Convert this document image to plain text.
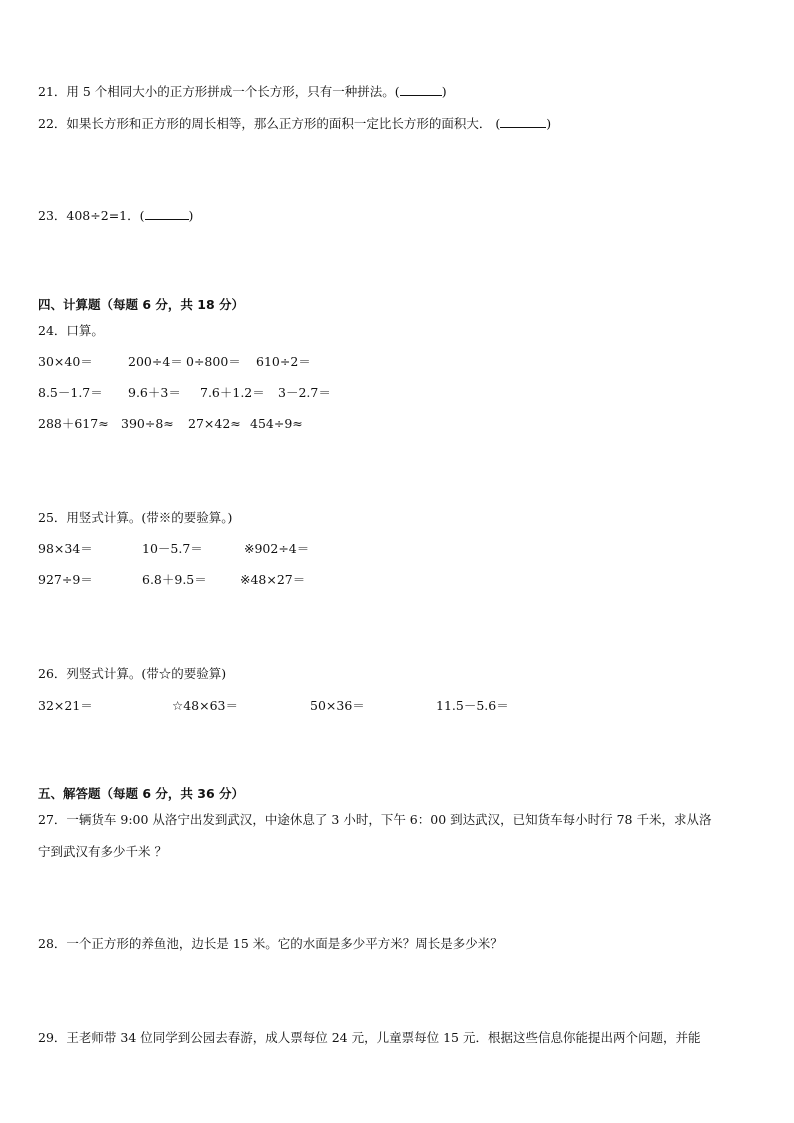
21．用 5 个相同大小的正方形拼成一个长方形，只有一种拼法。(	)
22．如果长方形和正方形的周长相等，那么正方形的面积一定比长方形的面积大． (	)
23．408÷2=1．(	)
四、计算题（每题 6 分，共 18 分）
24．口算。
30×40＝	200÷4＝ 0÷800＝ 610÷2＝
8.5－1.7＝ 9.6＋3＝ 7.6＋1.2＝ 3－2.7＝
288＋617≈ 390÷8≈ 27×42≈ 454÷9≈
25．用竖式计算。(带※的要验算。)
98×34＝	10－5.7＝	※902÷4＝
927÷9＝	6.8＋9.5＝	※48×27＝
26．列竖式计算。(带☆的要验算)
32×21＝	☆48×63＝	50×36＝	11.5－5.6＝
五、解答题（每题 6 分，共 36 分）
27．一辆货车 9:00 从洛宁出发到武汉，中途休息了 3 小时，下午 6：00 到达武汉，已知货车每小时行 78 千米，求从洛
宁到武汉有多少千米 ？
28．一个正方形的养鱼池，边长是 15 米。它的水面是多少平方米？周长是多少米？
29．王老师带 34 位同学到公园去春游，成人票每位 24 元，儿童票每位 15 元．根据这些信息你能提出两个问题，并能
